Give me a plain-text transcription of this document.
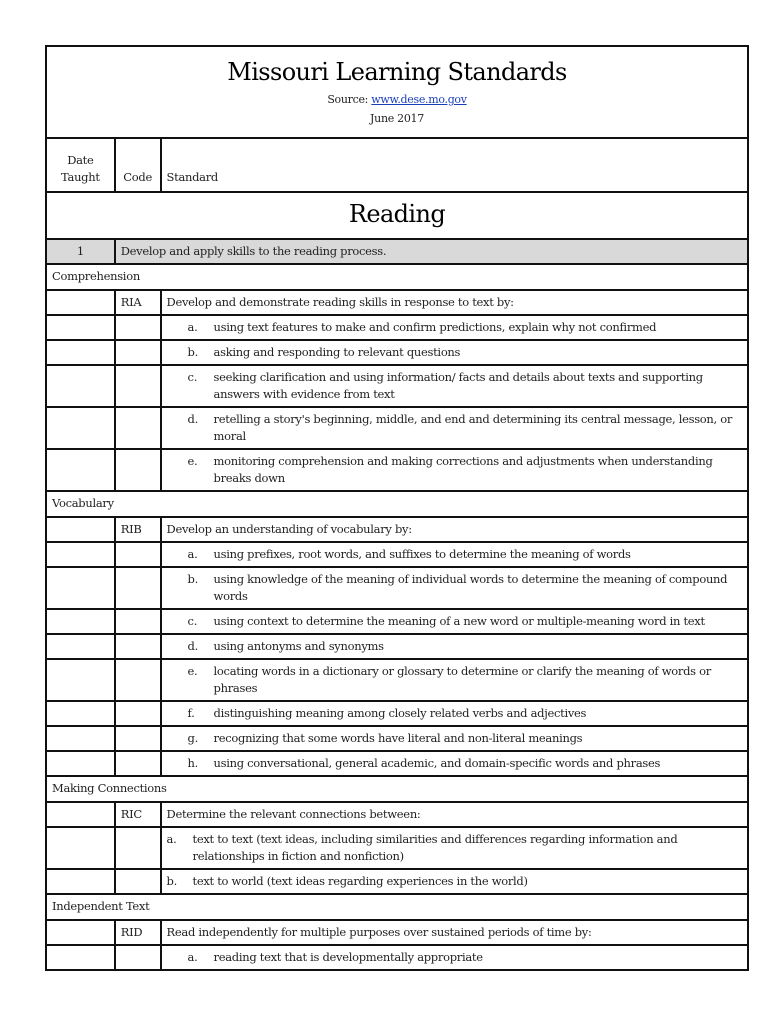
Missouri Learning Standards
Source: www.dese.mo.gov
June 2017		

Date Taught	Code	Standard
Reading		
1	Develop and apply skills to the reading process.	
Comprehension		
	RIA	Develop and demonstrate reading skills in response to text by:

		a. using text features to make and confirm predictions, explain why not confirmed

		b. asking and responding to relevant questions

		c. seeking clarification and using information/ facts and details about texts and supporting answers with evidence from text

		d. retelling a story's beginning, middle, and end and determining its central message, lesson, or moral

		e. monitoring comprehension and making corrections and adjustments when understanding breaks down

Vocabulary		
	RIB	Develop an understanding of vocabulary by:

		a. using prefixes, root words, and suffixes to determine the meaning of words

		b. using knowledge of the meaning of individual words to determine the meaning of compound words

		c. using context to determine the meaning of a new word or multiple-meaning word in text

		d. using antonyms and synonyms

		e. locating words in a dictionary or glossary to determine or clarify the meaning of words or phrases

		f. distinguishing meaning among closely related verbs and adjectives

		g. recognizing that some words have literal and non-literal meanings

		h. using conversational, general academic, and domain-specific words and phrases

Making Connections		
	RIC	Determine the relevant connections between:

		a. text to text (text ideas, including similarities and differences regarding information and relationships in fiction and nonfiction)

		b. text to world (text ideas regarding experiences in the world)

Independent Text		
	RID	Read independently for multiple purposes over sustained periods of time by:

		a. reading text that is developmentally appropriate
